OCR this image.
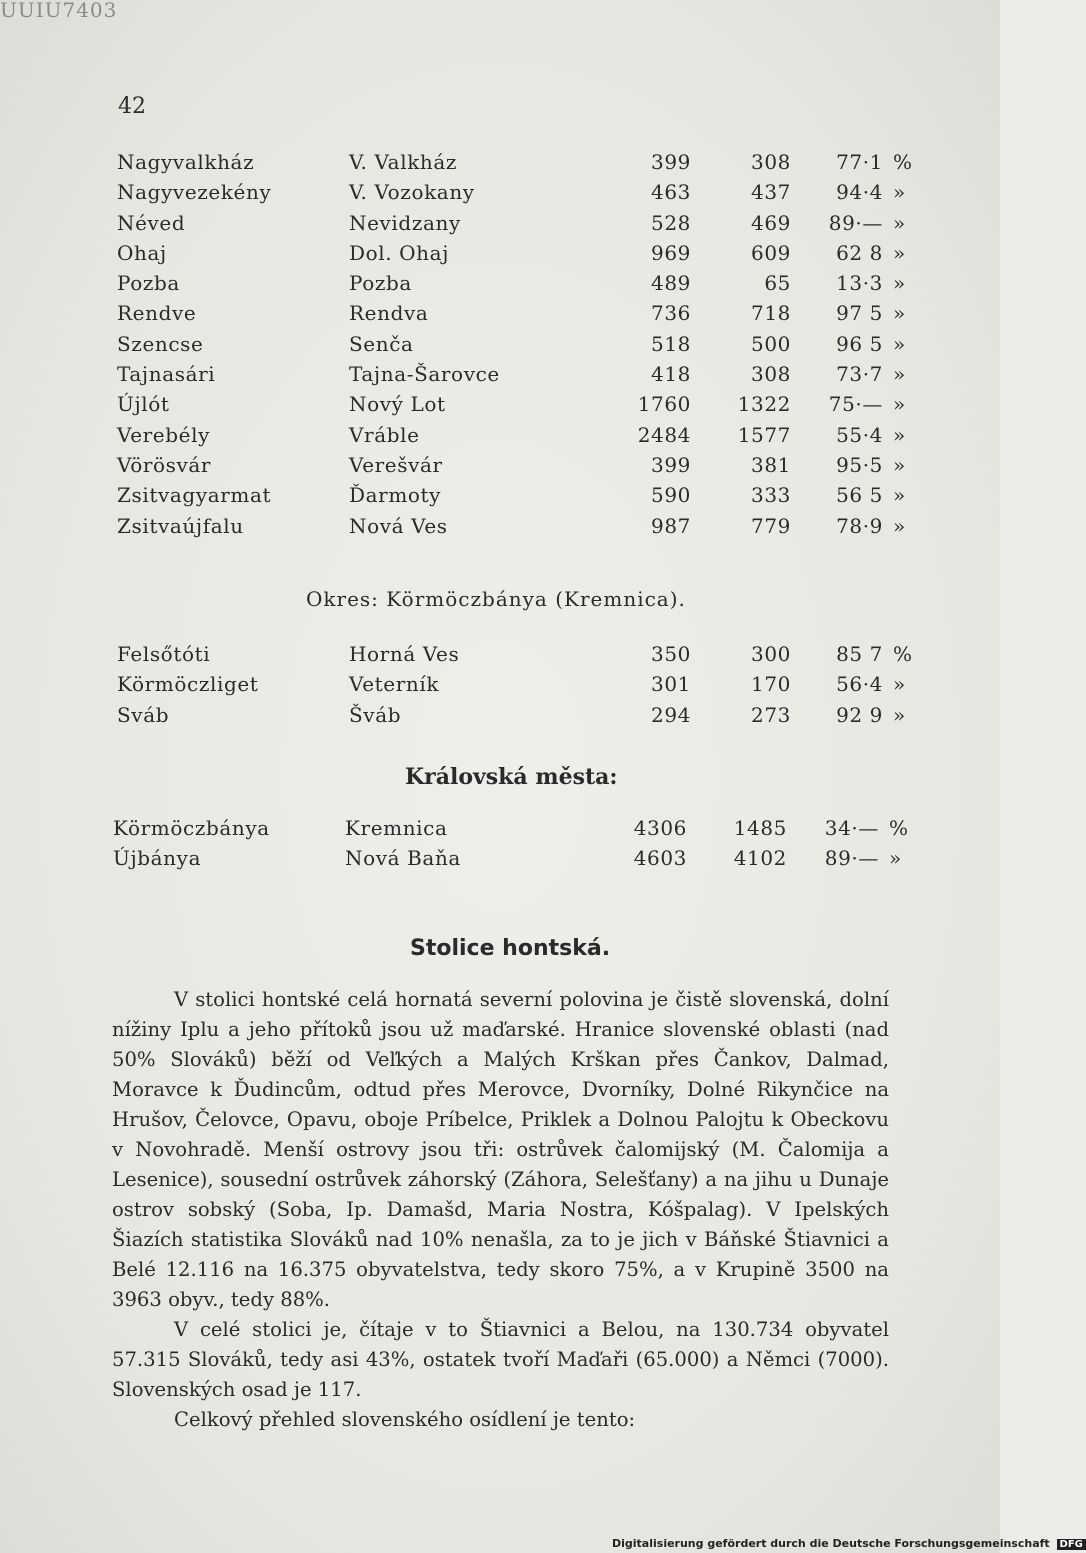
UUIU7403
42
Nagyvalkház	V. Valkház	399	308	77·1	%
Nagyvezekény	V. Vozokany	463	437	94·4	»
Néved	Nevidzany	528	469	89·—	»
Ohaj	Dol. Ohaj	969	609	62 8	»
Pozba	Pozba	489	65	13·3	»
Rendve	Rendva	736	718	97 5	»
Szencse	Senča	518	500	96 5	»
Tajnasári	Tajna-Šarovce	418	308	73·7	»
Újlót	Nový Lot	1760	1322	75·—	»
Verebély	Vráble	2484	1577	55·4	»
Vörösvár	Verešvár	399	381	95·5	»
Zsitvagyarmat	Ďarmoty	590	333	56 5	»
Zsitvaújfalu	Nová Ves	987	779	78·9	»
Okres: Körmöczbánya (Kremnica).
Felsőtóti	Horná Ves	350	300	85 7	%
Körmöczliget	Veterník	301	170	56·4	»
Sváb	Šváb	294	273	92 9	»
Královská města:
Körmöczbánya	Kremnica	4306	1485	34·—	%
Újbánya	Nová Baňa	4603	4102	89·—	»
Stolice hontská.

V stolici hontské celá hornatá severní polovina je čistě slovenská, dolní nížiny Iplu a jeho přítoků jsou už maďarské. Hranice slovenské oblasti (nad 50% Slováků) běží od Veľkých a Malých Krškan přes Čankov, Dalmad, Moravce k Ďudincům, odtud přes Merovce, Dvorníky, Dolné Rikynčice na Hrušov, Čelovce, Opavu, oboje Príbelce, Priklek a Dolnou Palojtu k Obeckovu v Novohradě. Menší ostrovy jsou tři: ostrůvek čalomijský (M. Čalomija a Lesenice), sousední ostrůvek záhorský (Záhora, Selešťany) a na jihu u Dunaje ostrov sobský (Soba, Ip. Damašd, Maria Nostra, Kóšpalag). V Ipelských Šiazích statistika Slováků nad 10% nenašla, za to je jich v Báňské Štiavnici a Belé 12.116 na 16.375 obyvatelstva, tedy skoro 75%, a v Krupině 3500 na 3963 obyv., tedy 88%.

V celé stolici je, čítaje v to Štiavnici a Belou, na 130.734 obyvatel 57.315 Slováků, tedy asi 43%, ostatek tvoří Maďaři (65.000) a Němci (7000). Slovenských osad je 117.

Celkový přehled slovenského osídlení je tento:

Digitalisierung gefördert durch die Deutsche Forschungsgemeinschaft DFG
